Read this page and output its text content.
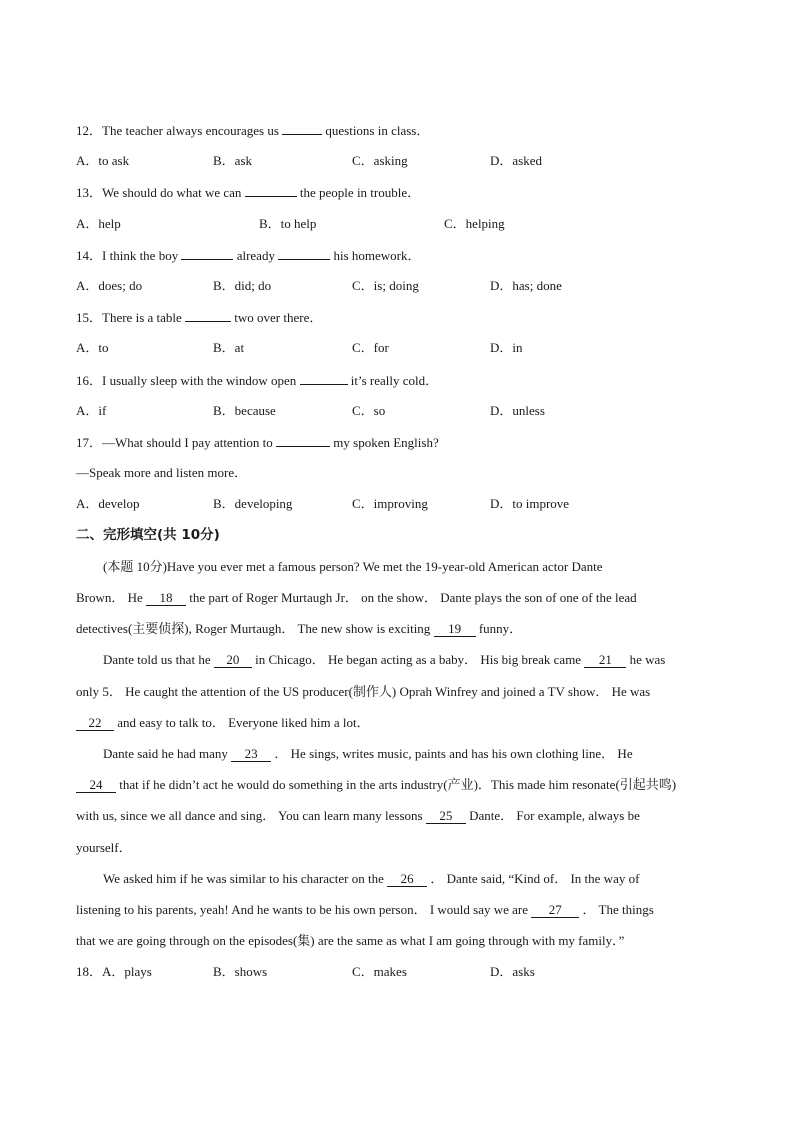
12．The teacher always encourages us	questions in class．
A．to ask	B．ask	C．asking	D．asked
13．We should do what we can	the people in trouble．
A．help	B．to help	C．helping
14．I think the boy	already	his homework．
A．does; do	B．did; do	C．is; doing	D．has; done
15．There is a table	two over there．
A．to	B．at	C．for	D．in
16．I usually sleep with the window open	it’s really cold．
A．if	B．because	C．so	D．unless
17．—What should I pay attention to	my spoken English?
—Speak more and listen more．
A．develop	B．developing	C．improving	D．to improve
二、完形填空(共 10分)
(本题 10分)Have you ever met a famous person? We met the 19-year-old American actor Dante
Brown． He 18 the part of Roger Murtaugh Jr． on the show． Dante plays the son of one of the lead
detectives(主要侦探), Roger Murtaugh． The new show is exciting 19 funny．
Dante told us that he 20 in Chicago． He began acting as a baby． His big break came 21 he was
only 5． He caught the attention of the US producer(制作人) Oprah Winfrey and joined a TV show． He was
22 and easy to talk to． Everyone liked him a lot．
Dante said he had many 23 ． He sings, writes music, paints and has his own clothing line． He
24 that if he didn’t act he would do something in the arts industry(产业)．This made him resonate(引起共鸣)
with us, since we all dance and sing． You can learn many lessons 25 Dante． For example, always be
yourself．
We asked him if he was similar to his character on the 26 ． Dante said, “Kind of． In the way of
listening to his parents, yeah! And he wants to be his own person． I would say we are 27 ． The things
that we are going through on the episodes(集) are the same as what I am going through with my family．”
18．A．plays	B．shows	C．makes	D．asks
